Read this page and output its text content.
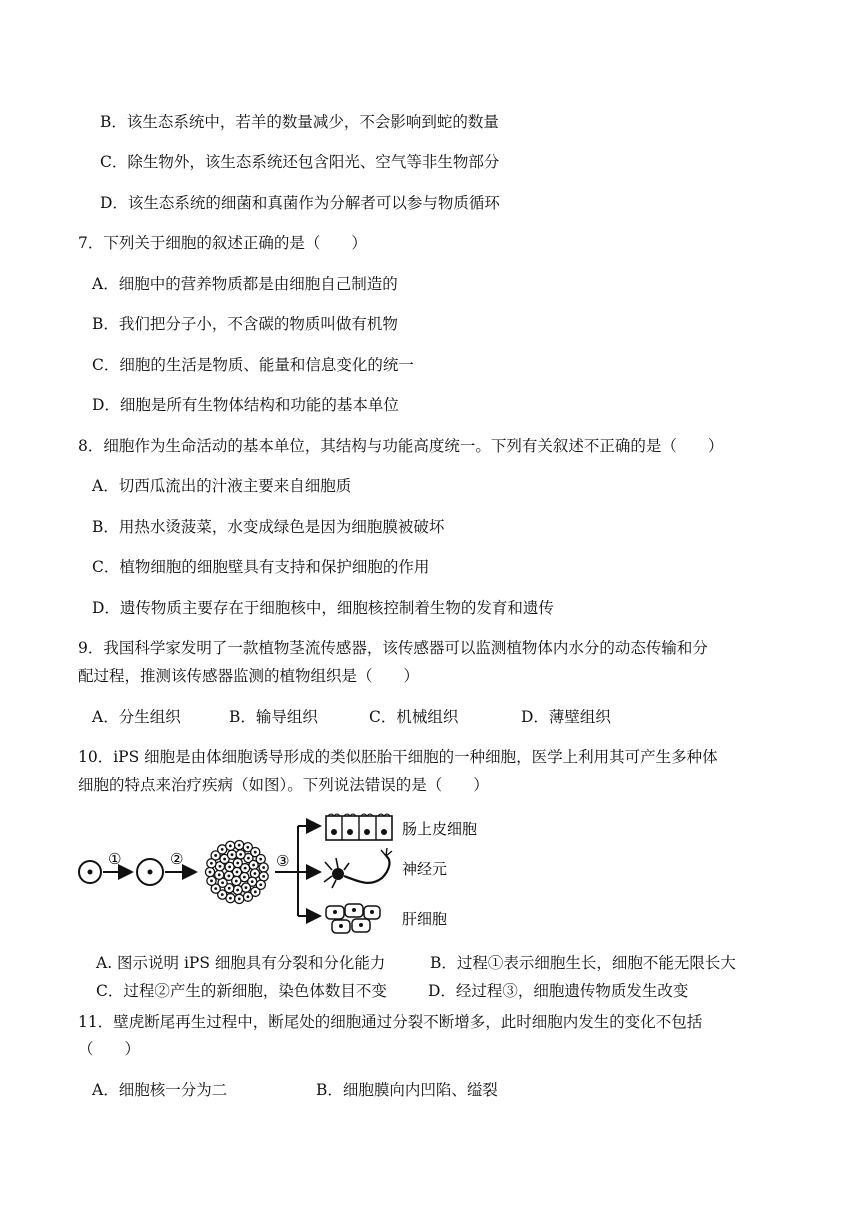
B．该生态系统中，若羊的数量减少，不会影响到蛇的数量
C．除生物外，该生态系统还包含阳光、空气等非生物部分
D．该生态系统的细菌和真菌作为分解者可以参与物质循环
7．下列关于细胞的叙述正确的是（　　）
A．细胞中的营养物质都是由细胞自己制造的
B．我们把分子小，不含碳的物质叫做有机物
C．细胞的生活是物质、能量和信息变化的统一
D．细胞是所有生物体结构和功能的基本单位
8．细胞作为生命活动的基本单位，其结构与功能高度统一。下列有关叙述不正确的是（　　）
A．切西瓜流出的汁液主要来自细胞质
B．用热水烫菠菜，水变成绿色是因为细胞膜被破坏
C．植物细胞的细胞壁具有支持和保护细胞的作用
D．遗传物质主要存在于细胞核中，细胞核控制着生物的发育和遗传
9．我国科学家发明了一款植物茎流传感器，该传感器可以监测植物体内水分的动态传输和分
配过程，推测该传感器监测的植物组织是（　　）
A．分生组织	B．输导组织	C．机械组织	D．薄壁组织
10．iPS 细胞是由体细胞诱导形成的类似胚胎干细胞的一种细胞，医学上利用其可产生多种体
细胞的特点来治疗疾病（如图）。下列说法错误的是（　　）
①	②	③
肠上皮细胞
神经元
肝细胞
A. 图示说明 iPS 细胞具有分裂和分化能力	B．过程①表示细胞生长，细胞不能无限长大
C．过程②产生的新细胞，染色体数目不变	D．经过程③，细胞遗传物质发生改变
11．壁虎断尾再生过程中，断尾处的细胞通过分裂不断增多，此时细胞内发生的变化不包括
（　　）
A．细胞核一分为二	B．细胞膜向内凹陷、缢裂
